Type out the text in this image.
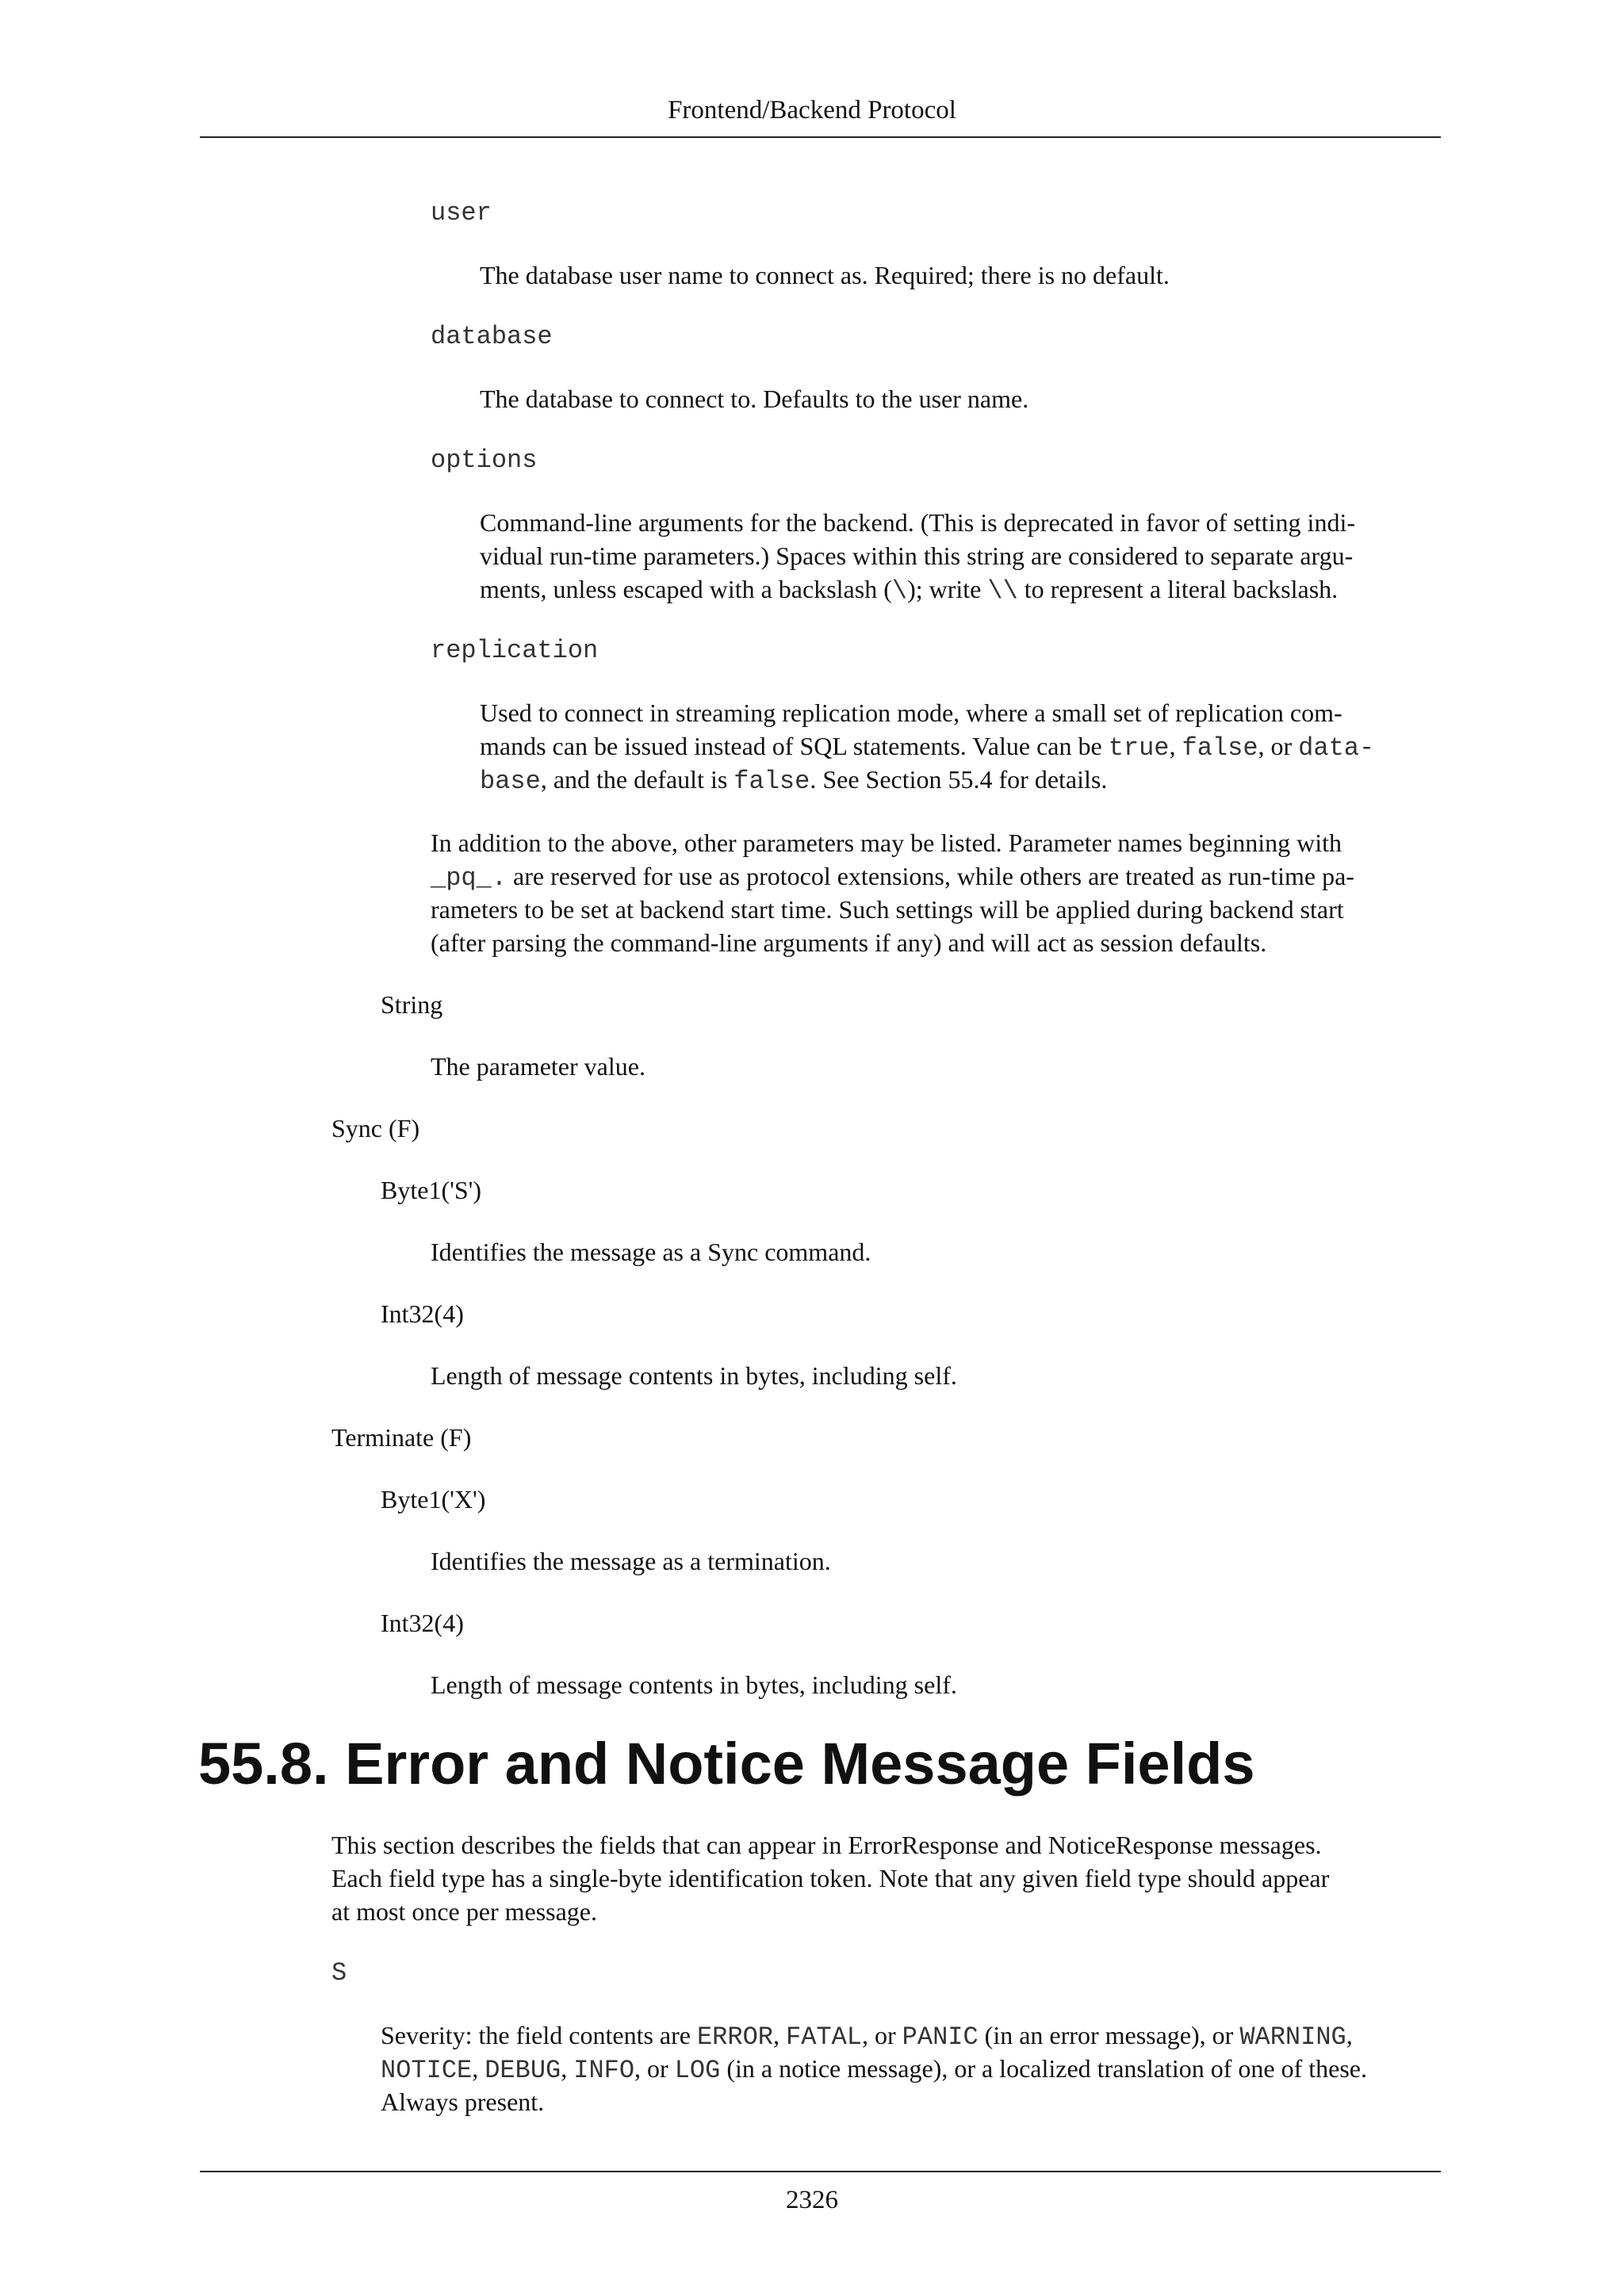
Frontend/Backend Protocol
user
The database user name to connect as. Required; there is no default.
database
The database to connect to. Defaults to the user name.
options
Command-line arguments for the backend. (This is deprecated in favor of setting indi-
vidual run-time parameters.) Spaces within this string are considered to separate argu-
ments, unless escaped with a backslash (\); write \\ to represent a literal backslash.
replication
Used to connect in streaming replication mode, where a small set of replication com-
mands can be issued instead of SQL statements. Value can be true, false, or data-
base, and the default is false. See Section 55.4 for details.
In addition to the above, other parameters may be listed. Parameter names beginning with
_pq_. are reserved for use as protocol extensions, while others are treated as run-time pa-
rameters to be set at backend start time. Such settings will be applied during backend start
(after parsing the command-line arguments if any) and will act as session defaults.
String
The parameter value.
Sync (F)
Byte1('S')
Identifies the message as a Sync command.
Int32(4)
Length of message contents in bytes, including self.
Terminate (F)
Byte1('X')
Identifies the message as a termination.
Int32(4)
Length of message contents in bytes, including self.
55.8. Error and Notice Message Fields
This section describes the fields that can appear in ErrorResponse and NoticeResponse messages.
Each field type has a single-byte identification token. Note that any given field type should appear
at most once per message.
S
Severity: the field contents are ERROR, FATAL, or PANIC (in an error message), or WARNING,
NOTICE, DEBUG, INFO, or LOG (in a notice message), or a localized translation of one of these.
Always present.
2326
